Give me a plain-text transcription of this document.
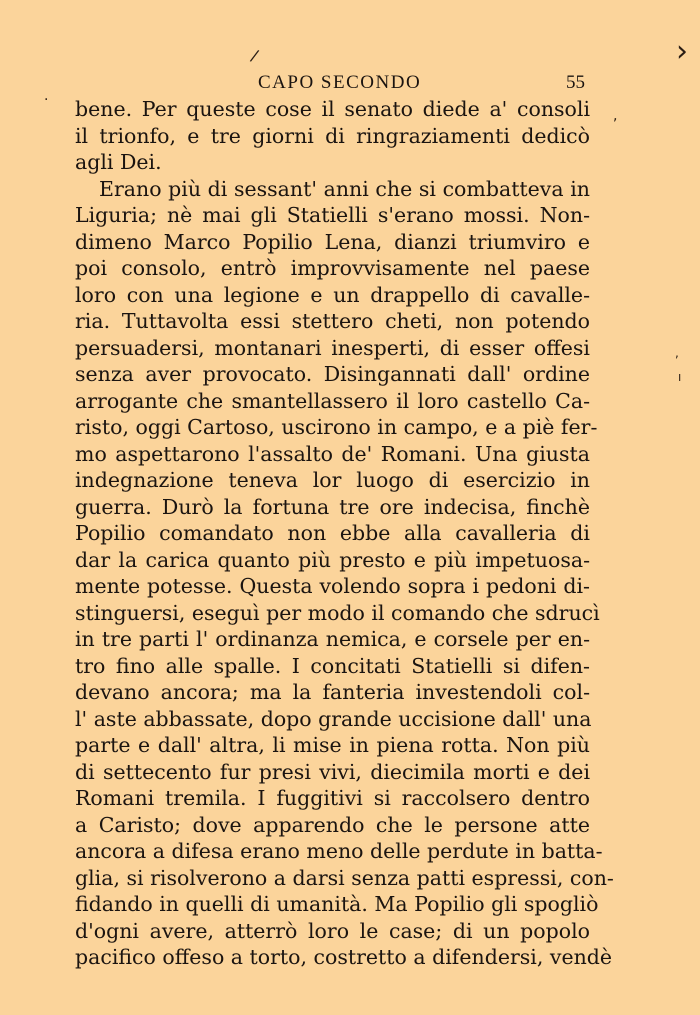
/	›
·
,
,
ı
CAPO SECONDO	55
bene. Per queste cose il senato diede a' consoli
il trionfo, e tre giorni di ringraziamenti dedicò
agli Dei.
Erano più di sessant' anni che si combatteva in
Liguria; nè mai gli Statielli s'erano mossi. Non-
dimeno Marco Popilio Lena, dianzi triumviro e
poi consolo, entrò improvvisamente nel paese
loro con una legione e un drappello di cavalle-
ria. Tuttavolta essi stettero cheti, non potendo
persuadersi, montanari inesperti, di esser offesi
senza aver provocato. Disingannati dall' ordine
arrogante che smantellassero il loro castello Ca-
risto, oggi Cartoso, uscirono in campo, e a piè fer-
mo aspettarono l'assalto de' Romani. Una giusta
indegnazione teneva lor luogo di esercizio in
guerra. Durò la fortuna tre ore indecisa, finchè
Popilio comandato non ebbe alla cavalleria di
dar la carica quanto più presto e più impetuosa-
mente potesse. Questa volendo sopra i pedoni di-
stinguersi, eseguì per modo il comando che sdrucì
in tre parti l' ordinanza nemica, e corsele per en-
tro fino alle spalle. I concitati Statielli si difen-
devano ancora; ma la fanteria investendoli col-
l' aste abbassate, dopo grande uccisione dall' una
parte e dall' altra, li mise in piena rotta. Non più
di settecento fur presi vivi, diecimila morti e dei
Romani tremila. I fuggitivi si raccolsero dentro
a Caristo; dove apparendo che le persone atte
ancora a difesa erano meno delle perdute in batta-
glia, si risolverono a darsi senza patti espressi, con-
fidando in quelli di umanità. Ma Popilio gli spogliò
d'ogni avere, atterrò loro le case; di un popolo
pacifico offeso a torto, costretto a difendersi, vendè
